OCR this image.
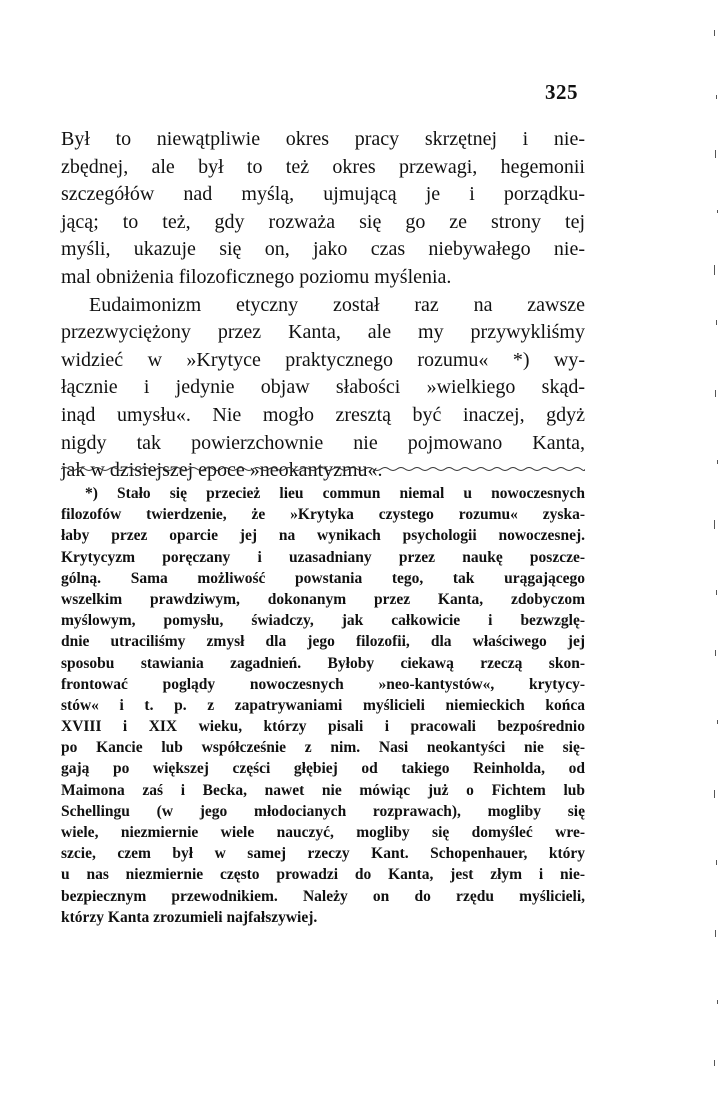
325
Był to niewątpliwie okres pracy skrzętnej i nie-
zbędnej, ale był to też okres przewagi, hegemonii
szczegółów nad myślą, ujmującą je i porządku-
jącą; to też, gdy rozważa się go ze strony tej
myśli, ukazuje się on, jako czas niebywałego nie-
mal obniżenia filozoficznego poziomu myślenia.
Eudaimonizm etyczny został raz na zawsze
przezwyciężony przez Kanta, ale my przywykliśmy
widzieć w »Krytyce praktycznego rozumu« *) wy-
łącznie i jedynie objaw słabości »wielkiego skąd-
inąd umysłu«. Nie mogło zresztą być inaczej, gdyż
nigdy tak powierzchownie nie pojmowano Kanta,
jak w dzisiejszej epoce »neokantyzmu«.
*) Stało się przecież lieu commun niemal u nowoczesnych
filozofów twierdzenie, że »Krytyka czystego rozumu« zyska-
łaby przez oparcie jej na wynikach psychologii nowoczesnej.
Krytycyzm poręczany i uzasadniany przez naukę poszcze-
gólną. Sama możliwość powstania tego, tak urągającego
wszelkim prawdziwym, dokonanym przez Kanta, zdobyczom
myślowym, pomysłu, świadczy, jak całkowicie i bezwzglę-
dnie utraciliśmy zmysł dla jego filozofii, dla właściwego jej
sposobu stawiania zagadnień. Byłoby ciekawą rzeczą skon-
frontować poglądy nowoczesnych »neo-kantystów«, krytycy-
stów« i t. p. z zapatrywaniami myślicieli niemieckich końca
XVIII i XIX wieku, którzy pisali i pracowali bezpośrednio
po Kancie lub współcześnie z nim. Nasi neokantyści nie się-
gają po większej części głębiej od takiego Reinholda, od
Maimona zaś i Becka, nawet nie mówiąc już o Fichtem lub
Schellingu (w jego młodocianych rozprawach), mogliby się
wiele, niezmiernie wiele nauczyć, mogliby się domyśleć wre-
szcie, czem był w samej rzeczy Kant. Schopenhauer, który
u nas niezmiernie często prowadzi do Kanta, jest złym i nie-
bezpiecznym przewodnikiem. Należy on do rzędu myślicieli,
którzy Kanta zrozumieli najfałszywiej.
